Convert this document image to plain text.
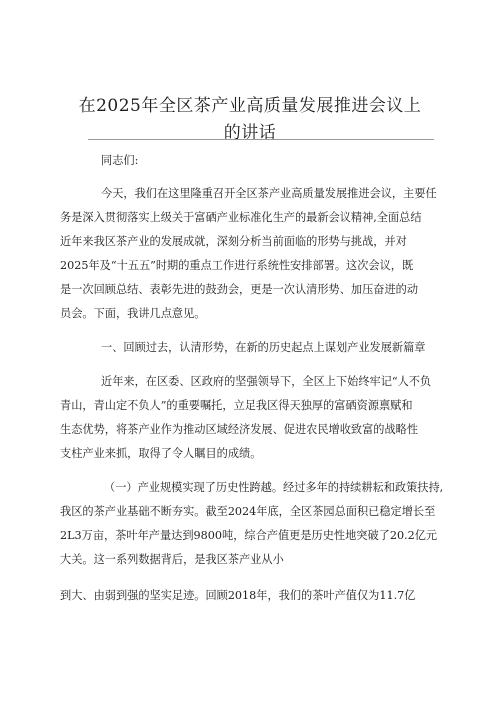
在2025年全区茶产业高质量发展推进会议上
的讲话

同志们:

今天，我们在这里隆重召开全区茶产业高质量发展推进会议，主要任

务是深入贯彻落实上级关于富硒产业标准化生产的最新会议精神,全面总结

近年来我区茶产业的发展成就，深刻分析当前面临的形势与挑战，并对

2025年及“十五五”时期的重点工作进行系统性安排部署。这次会议，既

是一次回顾总结、表彰先进的鼓劲会，更是一次认清形势、加压奋进的动

员会。下面，我讲几点意见。

一、回顾过去，认清形势，在新的历史起点上谋划产业发展新篇章

近年来，在区委、区政府的坚强领导下，全区上下始终牢记“人不负

青山，青山定不负人”的重要嘱托，立足我区得天独厚的富硒资源禀赋和

生态优势，将茶产业作为推动区域经济发展、促进农民增收致富的战略性

支柱产业来抓，取得了令人瞩目的成绩。

（一）产业规模实现了历史性跨越。经过多年的持续耕耘和政策扶持,

我区的茶产业基础不断夯实。截至2024年底，全区茶园总面积已稳定增长至

2L3万亩，茶叶年产量达到9800吨，综合产值更是历史性地突破了20.2亿元

大关。这一系列数据背后，是我区茶产业从小

到大、由弱到强的坚实足迹。回顾2018年，我们的茶叶产值仅为11.7亿
